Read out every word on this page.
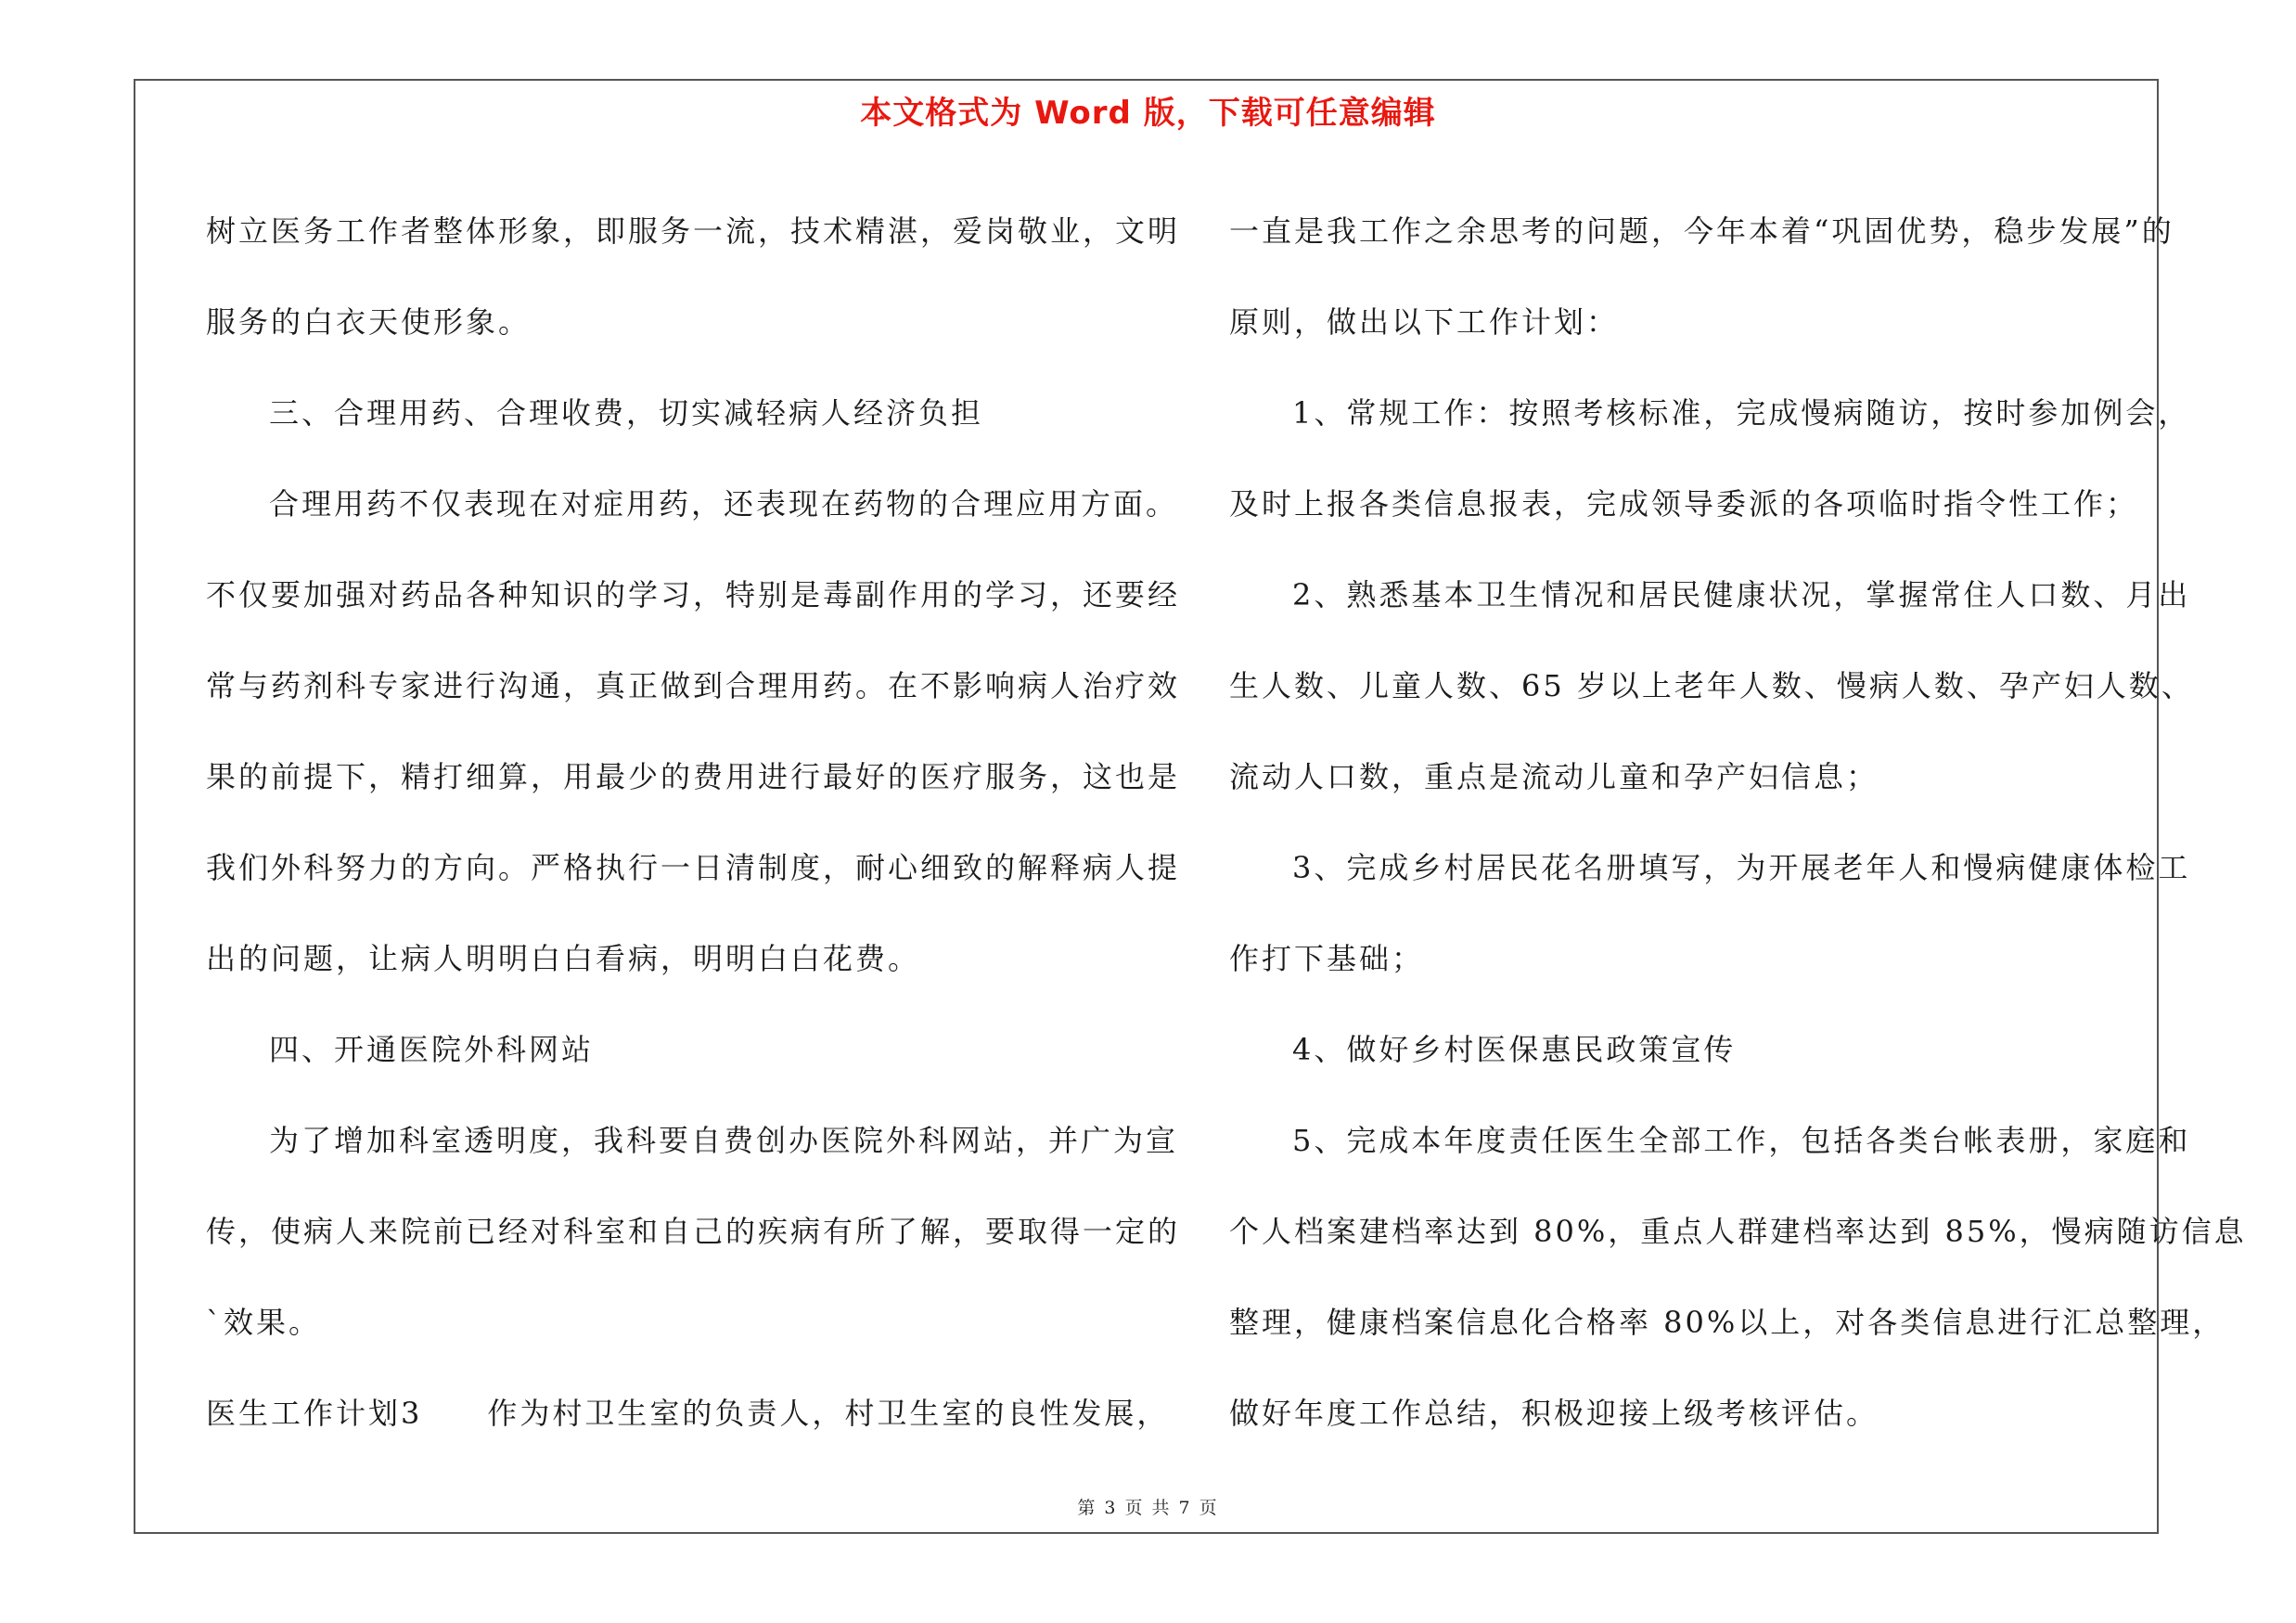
本文格式为 Word 版，下载可任意编辑
树立医务工作者整体形象，即服务一流，技术精湛，爱岗敬业，文明
服务的白衣天使形象。
三、合理用药、合理收费，切实减轻病人经济负担
合理用药不仅表现在对症用药，还表现在药物的合理应用方面。
不仅要加强对药品各种知识的学习，特别是毒副作用的学习，还要经
常与药剂科专家进行沟通，真正做到合理用药。在不影响病人治疗效
果的前提下，精打细算，用最少的费用进行最好的医疗服务，这也是
我们外科努力的方向。严格执行一日清制度，耐心细致的解释病人提
出的问题，让病人明明白白看病，明明白白花费。
四、开通医院外科网站
为了增加科室透明度，我科要自费创办医院外科网站，并广为宣
传，使病人来院前已经对科室和自己的疾病有所了解，要取得一定的
`效果。
医生工作计划3 作为村卫生室的负责人，村卫生室的良性发展，
一直是我工作之余思考的问题，今年本着“巩固优势，稳步发展”的
原则，做出以下工作计划：
1、常规工作：按照考核标准，完成慢病随访，按时参加例会，
及时上报各类信息报表，完成领导委派的各项临时指令性工作；
2、熟悉基本卫生情况和居民健康状况，掌握常住人口数、月出
生人数、儿童人数、65 岁以上老年人数、慢病人数、孕产妇人数、
流动人口数，重点是流动儿童和孕产妇信息；
3、完成乡村居民花名册填写，为开展老年人和慢病健康体检工
作打下基础；
4、做好乡村医保惠民政策宣传
5、完成本年度责任医生全部工作，包括各类台帐表册，家庭和
个人档案建档率达到 80%，重点人群建档率达到 85%，慢病随访信息
整理，健康档案信息化合格率 80%以上，对各类信息进行汇总整理，
做好年度工作总结，积极迎接上级考核评估。
第 3 页 共 7 页
